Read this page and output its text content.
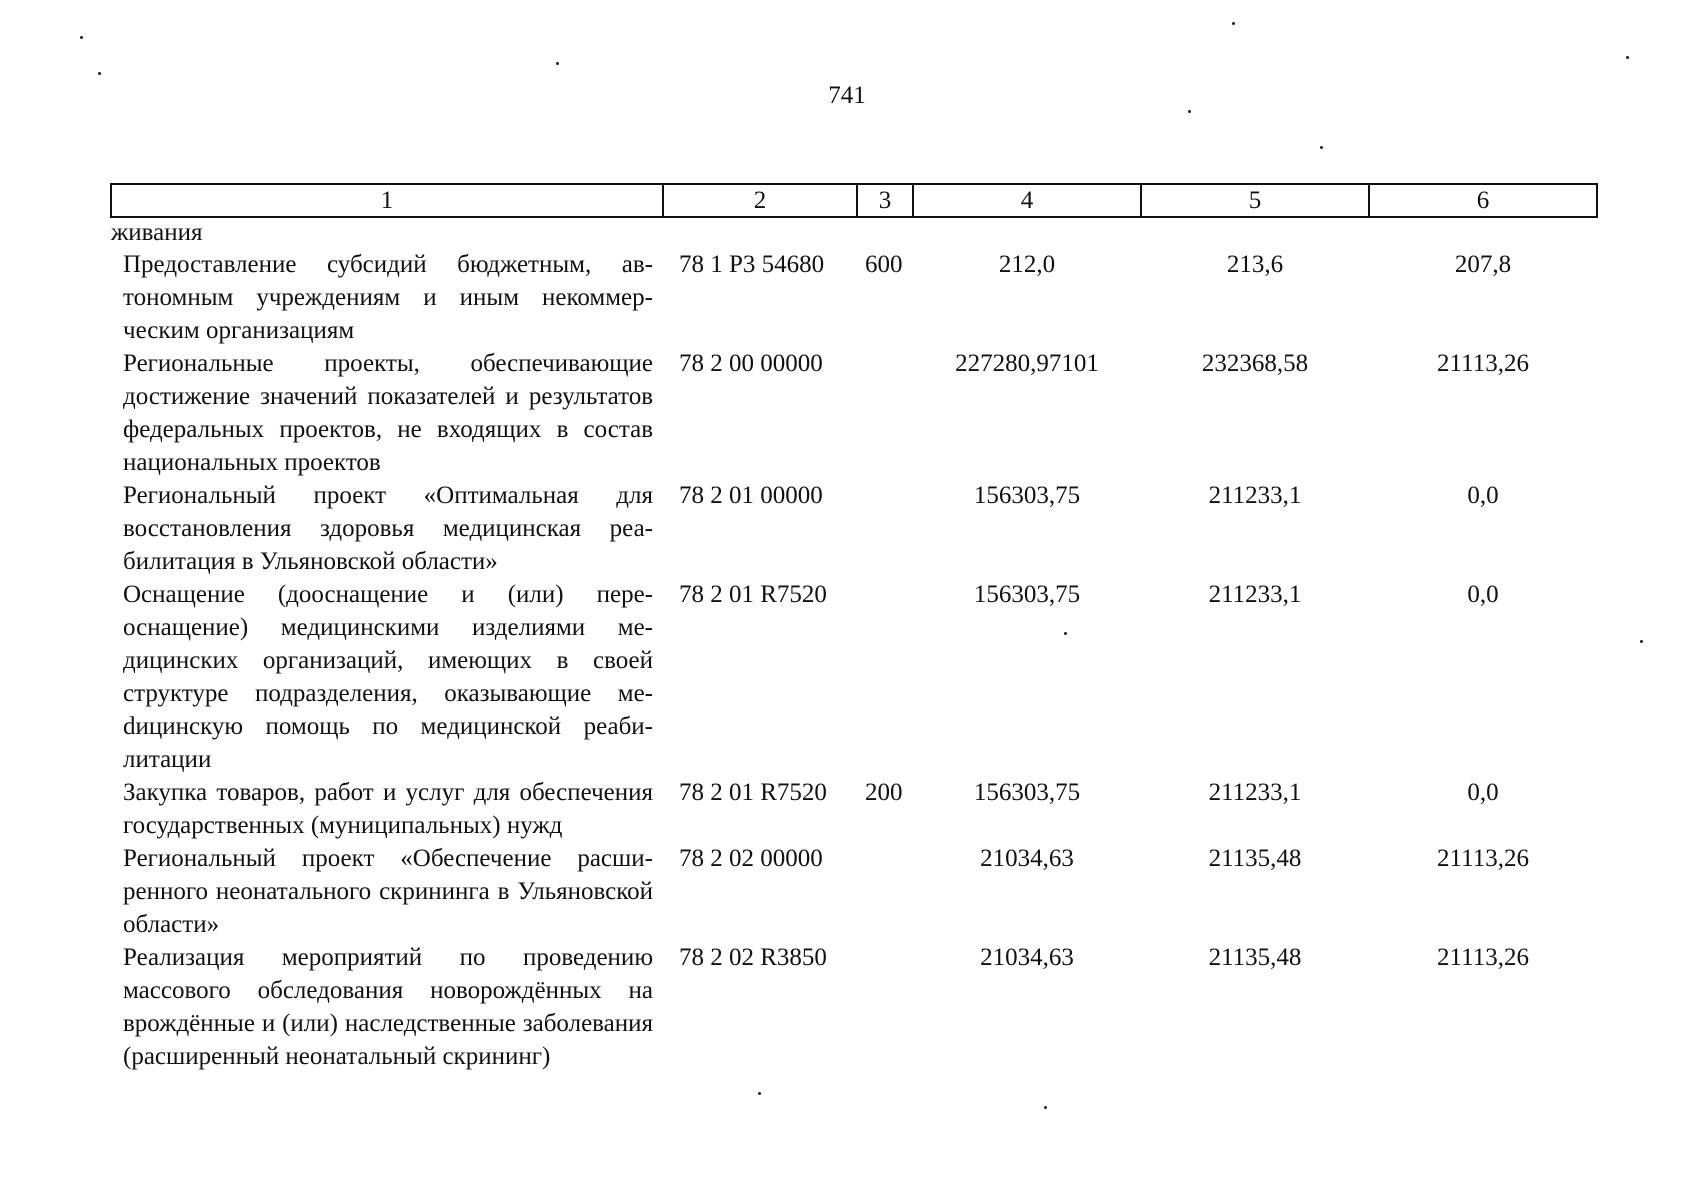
741
1	2	3	4	5	6
живания					
Предоставление субсидий бюджетным, автономным учреждениям и иным некоммерческим организациям	78 1 P3 54680	600	212,0	213,6	207,8
Региональные проекты, обеспечивающие достижение значений показателей и результатов федеральных проектов, не входящих в состав национальных проектов	78 2 00 00000		227280,97101	232368,58	21113,26
Региональный проект «Оптимальная для восстановления здоровья медицинская реабилитация в Ульяновской области»	78 2 01 00000		156303,75	211233,1	0,0
Оснащение (дооснащение и (или) переоснащение) медицинскими изделиями медицинских организаций, имеющих в своей структуре подразделения, оказывающие меdицинскую помощь по медицинской реабилитации	78 2 01 R7520		156303,75	211233,1	0,0
Закупка товаров, работ и услуг для обеспечения государственных (муниципальных) нужд	78 2 01 R7520	200	156303,75	211233,1	0,0
Региональный проект «Обеспечение расширенного неонатального скрининга в Ульяновской области»	78 2 02 00000		21034,63	21135,48	21113,26
Реализация мероприятий по проведению массового обследования новорождённых на врождённые и (или) наследственные заболевания (расширенный неонатальный скрининг)	78 2 02 R3850		21034,63	21135,48	21113,26
